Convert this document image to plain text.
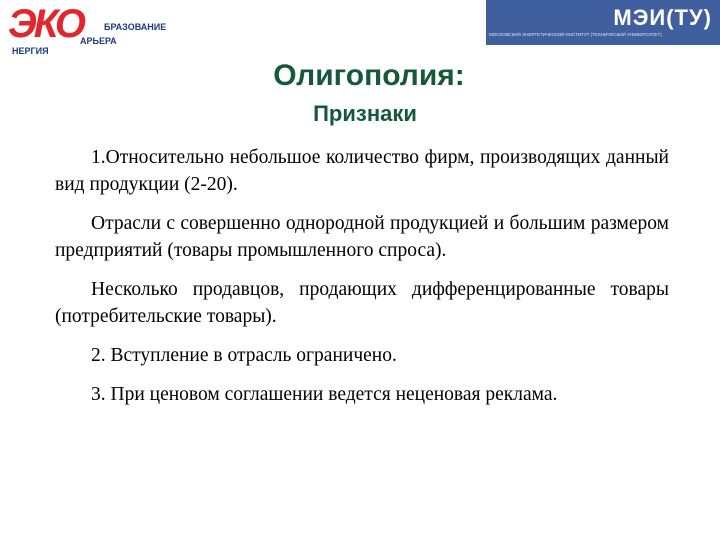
ЭКО БРАЗОВАНИЕ
АРЬЕРА
НЕРГИЯ
МЭИ(ТУ)
МОСКОВСКИЙ ЭНЕРГЕТИЧЕСКИЙ ИНСТИТУТ (ТЕХНИЧЕСКИЙ УНИВЕРСИТЕТ)
Олигополия:
Признаки

1.Относительно небольшое количество фирм, производящих данный вид продукции (2-20).

Отрасли с совершенно однородной продукцией и большим размером предприятий (товары промышленного спроса).

Несколько продавцов, продающих дифференцированные товары (потребительские товары).

2. Вступление в отрасль ограничено.

3. При ценовом соглашении ведется неценовая реклама.
